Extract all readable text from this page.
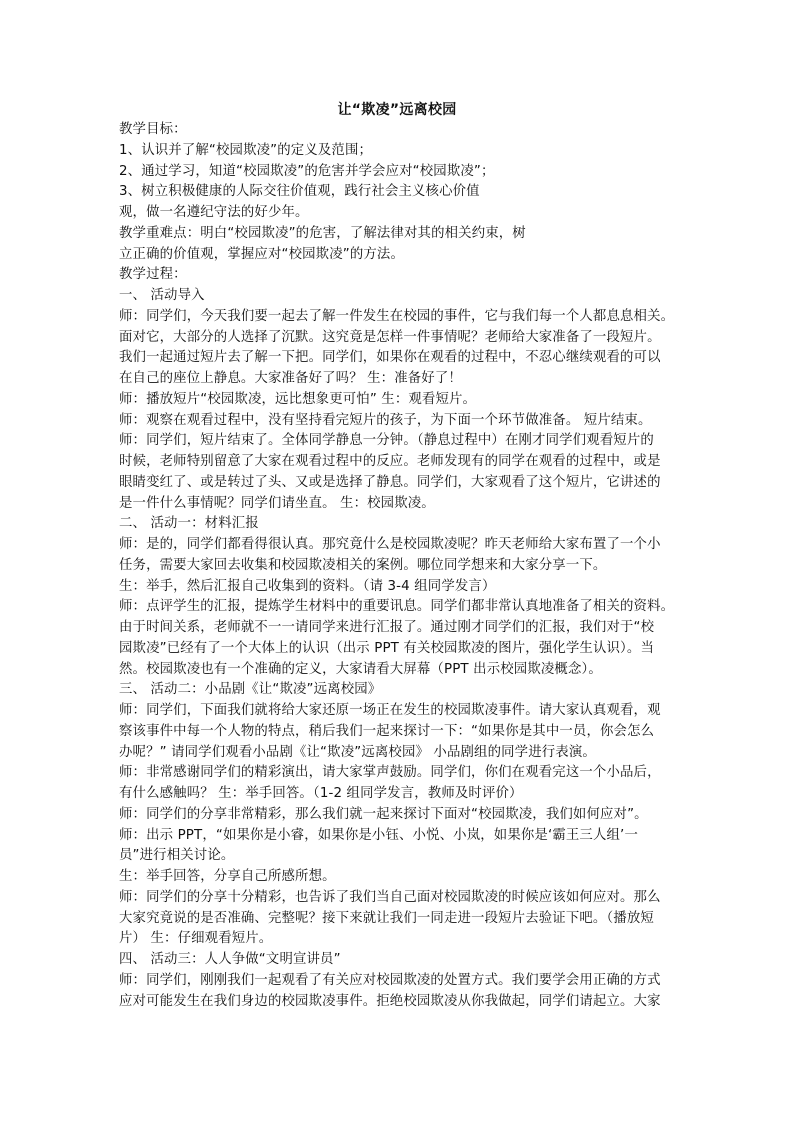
让“欺凌”远离校园
教学目标：
1、认识并了解“校园欺凌”的定义及范围；
2、通过学习，知道“校园欺凌”的危害并学会应对“校园欺凌”；
3、树立积极健康的人际交往价值观，践行社会主义核心价值
观，做一名遵纪守法的好少年。
教学重难点：明白“校园欺凌”的危害，了解法律对其的相关约束，树
立正确的价值观，掌握应对“校园欺凌”的方法。
教学过程：
一、 活动导入
师：同学们，今天我们要一起去了解一件发生在校园的事件，它与我们每一个人都息息相关。
面对它，大部分的人选择了沉默。这究竟是怎样一件事情呢？老师给大家准备了一段短片。
我们一起通过短片去了解一下把。同学们，如果你在观看的过程中，不忍心继续观看的可以
在自己的座位上静息。大家准备好了吗？ 生：准备好了！
师：播放短片“校园欺凌，远比想象更可怕” 生：观看短片。
师：观察在观看过程中，没有坚持看完短片的孩子，为下面一个环节做准备。 短片结束。
师：同学们，短片结束了。全体同学静息一分钟。（静息过程中）在刚才同学们观看短片的
时候，老师特别留意了大家在观看过程中的反应。老师发现有的同学在观看的过程中，或是
眼睛变红了、或是转过了头、又或是选择了静息。同学们，大家观看了这个短片，它讲述的
是一件什么事情呢？同学们请坐直。 生：校园欺凌。
二、 活动一：材料汇报
师：是的，同学们都看得很认真。那究竟什么是校园欺凌呢？昨天老师给大家布置了一个小
任务，需要大家回去收集和校园欺凌相关的案例。哪位同学想来和大家分享一下。
生：举手，然后汇报自己收集到的资料。（请 3-4 组同学发言）
师：点评学生的汇报，提炼学生材料中的重要讯息。同学们都非常认真地准备了相关的资料。
由于时间关系，老师就不一一请同学来进行汇报了。通过刚才同学们的汇报，我们对于“校
园欺凌”已经有了一个大体上的认识（出示 PPT 有关校园欺凌的图片，强化学生认识）。当
然。校园欺凌也有一个准确的定义，大家请看大屏幕（PPT 出示校园欺凌概念）。
三、 活动二：小品剧《让“欺凌”远离校园》
师：同学们，下面我们就将给大家还原一场正在发生的校园欺凌事件。请大家认真观看，观
察该事件中每一个人物的特点，稍后我们一起来探讨一下：“如果你是其中一员，你会怎么
办呢？” 请同学们观看小品剧《让“欺凌”远离校园》 小品剧组的同学进行表演。
师：非常感谢同学们的精彩演出，请大家掌声鼓励。同学们，你们在观看完这一个小品后，
有什么感触吗？ 生：举手回答。（1-2 组同学发言，教师及时评价）
师：同学们的分享非常精彩，那么我们就一起来探讨下面对“校园欺凌，我们如何应对”。
师：出示 PPT，“如果你是小睿，如果你是小钰、小悦、小岚，如果你是‘霸王三人组’一
员”进行相关讨论。
生：举手回答，分享自己所感所想。
师：同学们的分享十分精彩，也告诉了我们当自己面对校园欺凌的时候应该如何应对。那么
大家究竟说的是否准确、完整呢？接下来就让我们一同走进一段短片去验证下吧。（播放短
片） 生：仔细观看短片。
四、 活动三：人人争做“文明宣讲员”
师：同学们，刚刚我们一起观看了有关应对校园欺凌的处置方式。我们要学会用正确的方式
应对可能发生在我们身边的校园欺凌事件。拒绝校园欺凌从你我做起，同学们请起立。大家
